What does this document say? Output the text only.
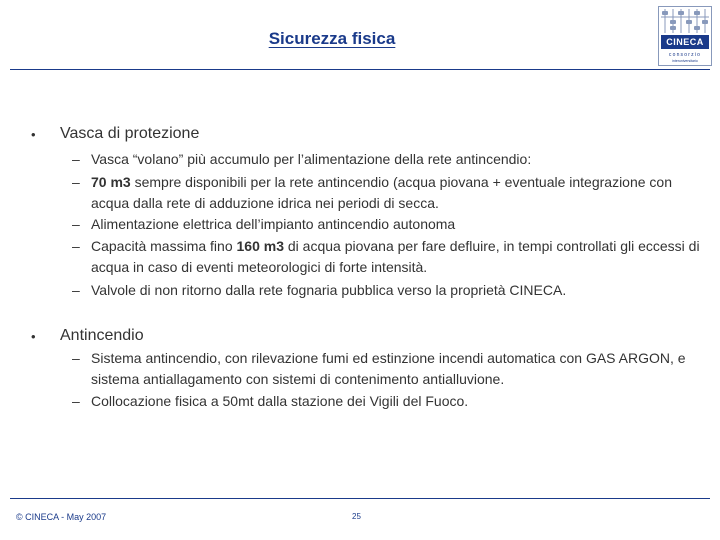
Sicurezza fisica	CINECA
consorzio
interuniversitario
• Vasca di protezione
– Vasca “volano” più accumulo per l’alimentazione della rete antincendio:
– 70 m3 sempre disponibili per la rete antincendio (acqua piovana + eventuale integrazione con acqua dalla rete di adduzione idrica nei periodi di secca.
– Alimentazione elettrica dell’impianto antincendio autonoma
– Capacità massima fino 160 m3 di acqua piovana per fare defluire, in tempi controllati gli eccessi di acqua in caso di eventi meteorologici di forte intensità.
– Valvole di non ritorno dalla rete fognaria pubblica verso la proprietà CINECA.
• Antincendio
– Sistema antincendio, con rilevazione fumi ed estinzione incendi automatica con GAS ARGON, e sistema antiallagamento con sistemi di contenimento antialluvione.
– Collocazione fisica a 50mt dalla stazione dei Vigili del Fuoco.
© CINECA - May 2007	25
